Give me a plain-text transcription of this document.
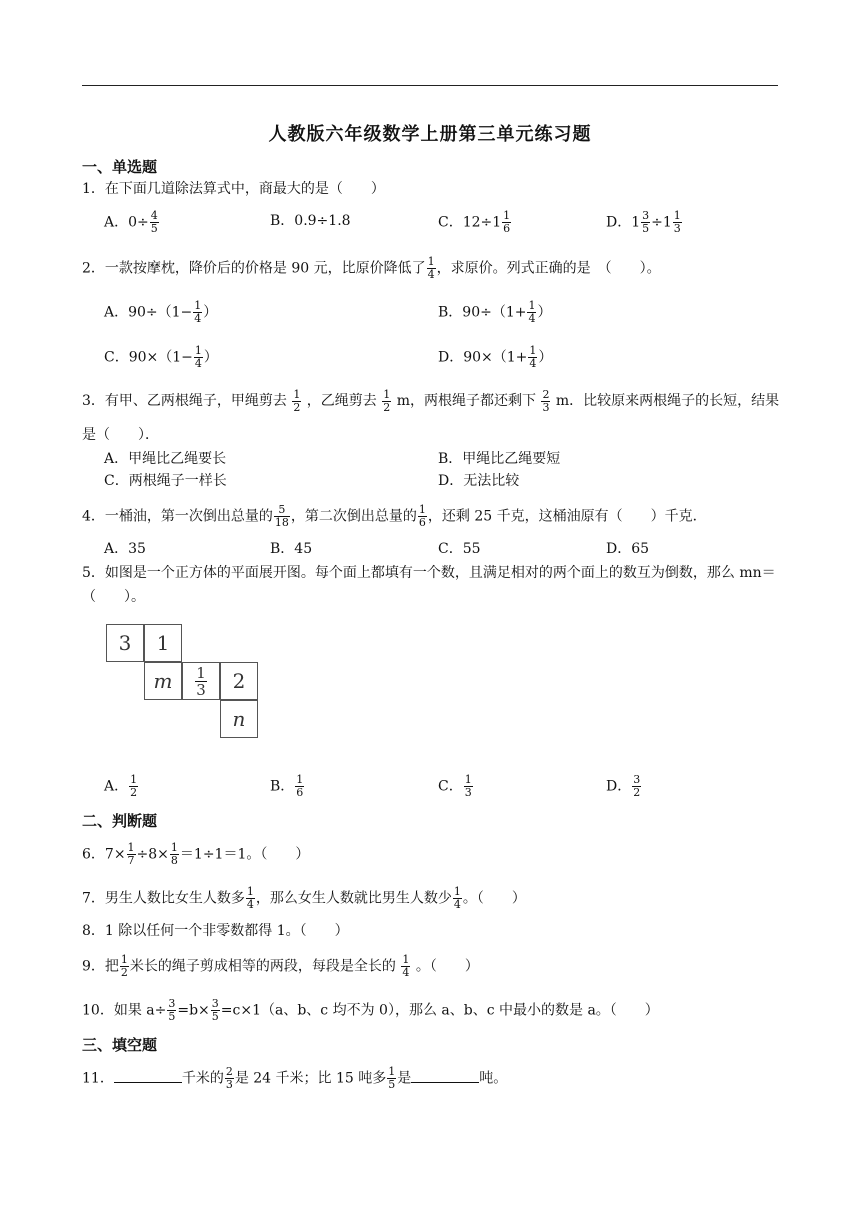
人教版六年级数学上册第三单元练习题
一、单选题
1．在下面几道除法算式中，商最大的是（　　）
A．$0\div \frac{4}{5}$	B．0.9÷1.8	C．$12\div 1 \frac{1}{6}$	D．$1 \frac{3}{5} \div 1 \frac{1}{3}$
2．一款按摩枕，降价后的价格是 90 元，比原价降低了 $\frac{1}{4}$ ，求原价。列式正确的是　（　　）。
A．$90\div(1- \frac{1}{4}$ ）	B．$90\div(1+ \frac{1}{4}$ ）
C．$90\times(1- \frac{1}{4}$ ）	D．$90\times(1+ \frac{1}{4}$ ）
3．有甲、乙两根绳子，甲绳剪去 $\frac{1}{2}$ ，乙绳剪去 $\frac{1}{2}$ m，两根绳子都还剩下 $\frac{2}{3}$ m．比较原来两根绳子的长短，结果是（　　）．
A．甲绳比乙绳要长	B．甲绳比乙绳要短
C．两根绳子一样长	D．无法比较
4．一桶油，第一次倒出总量的 $\frac{5}{18}$ ，第二次倒出总量的 $\frac{1}{6}$ ，还剩 25 千克，这桶油原有（　　）千克．
A．35	B．45	C．55	D．65
5．如图是一个正方体的平面展开图。每个面上都填有一个数，且满足相对的两个面上的数互为倒数，那么 mn＝（　　）。
3	1
m	1
3	2
n
A． $\frac{1}{2}$	B． $\frac{1}{6}$	C． $\frac{1}{3}$	D． $\frac{3}{2}$
二、判断题
6．$7\times \frac{1}{7} \div 8\times \frac{1}{8} =1\div 1=1$。（　　）
7．男生人数比女生人数多 $\frac{1}{4}$ ，那么女生人数就比男生人数少 $\frac{1}{4}$ 。（　　）
8．1 除以任何一个非零数都得 1。（　　）
9．把 $\frac{1}{2}$ 米长的绳子剪成相等的两段，每段是全长的 $\frac{1}{4}$ 。（　　）
10．如果 $a\div \frac{3}{5} =b\times \frac{3}{5} =c\times 1(a$、b、c 均不为 0），那么 a、b、c 中最小的数是 a。（　　）
三、填空题
11．	千米的 $\frac{2}{3}$ 是 24 千米；比 15 吨多 $\frac{1}{5}$ 是	吨。
